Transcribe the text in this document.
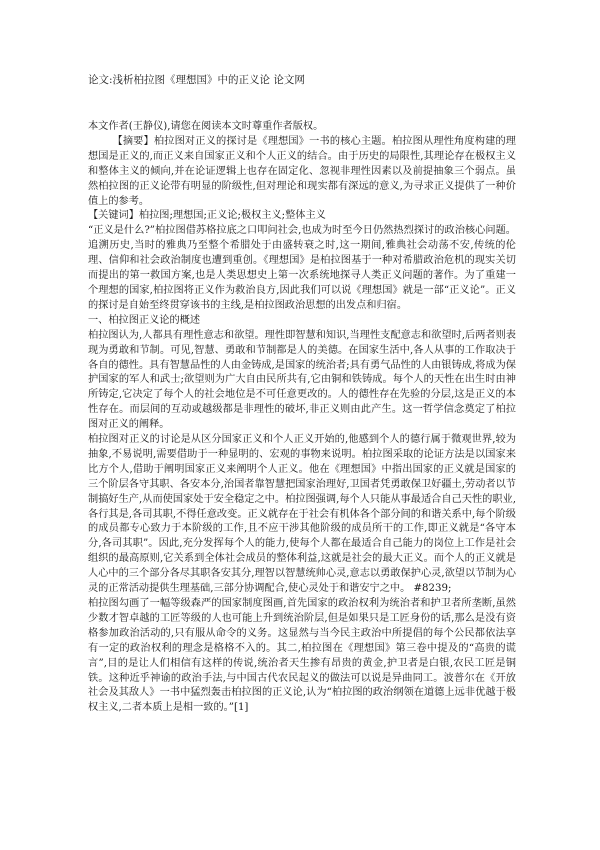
论文:浅析柏拉图《理想国》中的正义论 论文网

本文作者(王静仪),请您在阅读本文时尊重作者版权。

【摘要】柏拉图对正义的探讨是《理想国》一书的核心主题。柏拉图从理性角度构建的理想国是正义的,而正义来自国家正义和个人正义的结合。由于历史的局限性,其理论存在极权主义和整体主义的倾向,并在论证逻辑上也存在固定化、忽视非理性因素以及前提抽象三个弱点。虽然柏拉图的正义论带有明显的阶级性,但对理论和现实都有深远的意义,为寻求正义提供了一种价值上的参考。

【关键词】柏拉图;理想国;正义论;极权主义;整体主义

“正义是什么?”柏拉图借苏格拉底之口叩问社会,也成为时至今日仍然热烈探讨的政治核心问题。追溯历史,当时的雅典乃至整个希腊处于由盛转衰之时,这一期间,雅典社会动荡不安,传统的伦理、信仰和社会政治制度也遭到重创。《理想国》是柏拉图基于一种对希腊政治危机的现实关切而提出的第一救国方案,也是人类思想史上第一次系统地探寻人类正义问题的著作。为了重建一个理想的国家,柏拉图将正义作为救治良方,因此我们可以说《理想国》就是一部“正义论”。正义的探讨是自始至终贯穿该书的主线,是柏拉图政治思想的出发点和归宿。

一、柏拉图正义论的概述

柏拉图认为,人都具有理性意志和欲望。理性即智慧和知识,当理性支配意志和欲望时,后两者则表现为勇敢和节制。可见,智慧、勇敢和节制都是人的美德。在国家生活中,各人从事的工作取决于各自的德性。具有智慧品性的人由金铸成,是国家的统治者;具有勇气品性的人由银铸成,将成为保护国家的军人和武士;欲望则为广大自由民所共有,它由铜和铁铸成。每个人的天性在出生时由神所铸定,它决定了每个人的社会地位是不可任意更改的。人的德性存在先验的分层,这是正义的本性存在。而层间的互动或越级都是非理性的破坏,非正义则由此产生。这一哲学信念奠定了柏拉图对正义的阐释。

柏拉图对正义的讨论是从区分国家正义和个人正义开始的,他感到个人的德行属于微观世界,较为抽象,不易说明,需要借助于一种显明的、宏观的事物来说明。柏拉图采取的论证方法是以国家来比方个人,借助于阐明国家正义来阐明个人正义。他在《理想国》中指出国家的正义就是国家的三个阶层各守其职、各安本分,治国者靠智慧把国家治理好,卫国者凭勇敢保卫好疆土,劳动者以节制搞好生产,从而使国家处于安全稳定之中。柏拉图强调,每个人只能从事最适合自己天性的职业,各行其是,各司其职,不得任意改变。正义就存在于社会有机体各个部分间的和谐关系中,每个阶级的成员都专心致力于本阶级的工作,且不应干涉其他阶级的成员所干的工作,即正义就是“各守本分,各司其职”。因此,充分发挥每个人的能力,使每个人都在最适合自己能力的岗位上工作是社会组织的最高原则,它关系到全体社会成员的整体利益,这就是社会的最大正义。而个人的正义就是人心中的三个部分各尽其职各安其分,理智以智慧统帅心灵,意志以勇敢保护心灵,欲望以节制为心灵的正常活动提供生理基础,三部分协调配合,使心灵处于和谐安宁之中。 #8239;

柏拉图勾画了一幅等级森严的国家制度图画,首先国家的政治权利为统治者和护卫者所垄断,虽然少数才智卓越的工匠等级的人也可能上升到统治阶层,但是如果只是工匠身份的话,那么是没有资格参加政治活动的,只有服从命令的义务。这显然与当今民主政治中所提倡的每个公民都依法享有一定的政治权利的理念是格格不入的。其二,柏拉图在《理想国》第三卷中提及的“高贵的谎言”,目的是让人们相信有这样的传说,统治者天生掺有昂贵的黄金,护卫者是白银,农民工匠是铜铁。这种近乎神谕的政治手法,与中国古代农民起义的做法可以说是异曲同工。波普尔在《开放社会及其敌人》一书中猛烈轰击柏拉图的正义论,认为“柏拉图的政治纲领在道德上远非优越于极权主义,二者本质上是相一致的。”[1]
